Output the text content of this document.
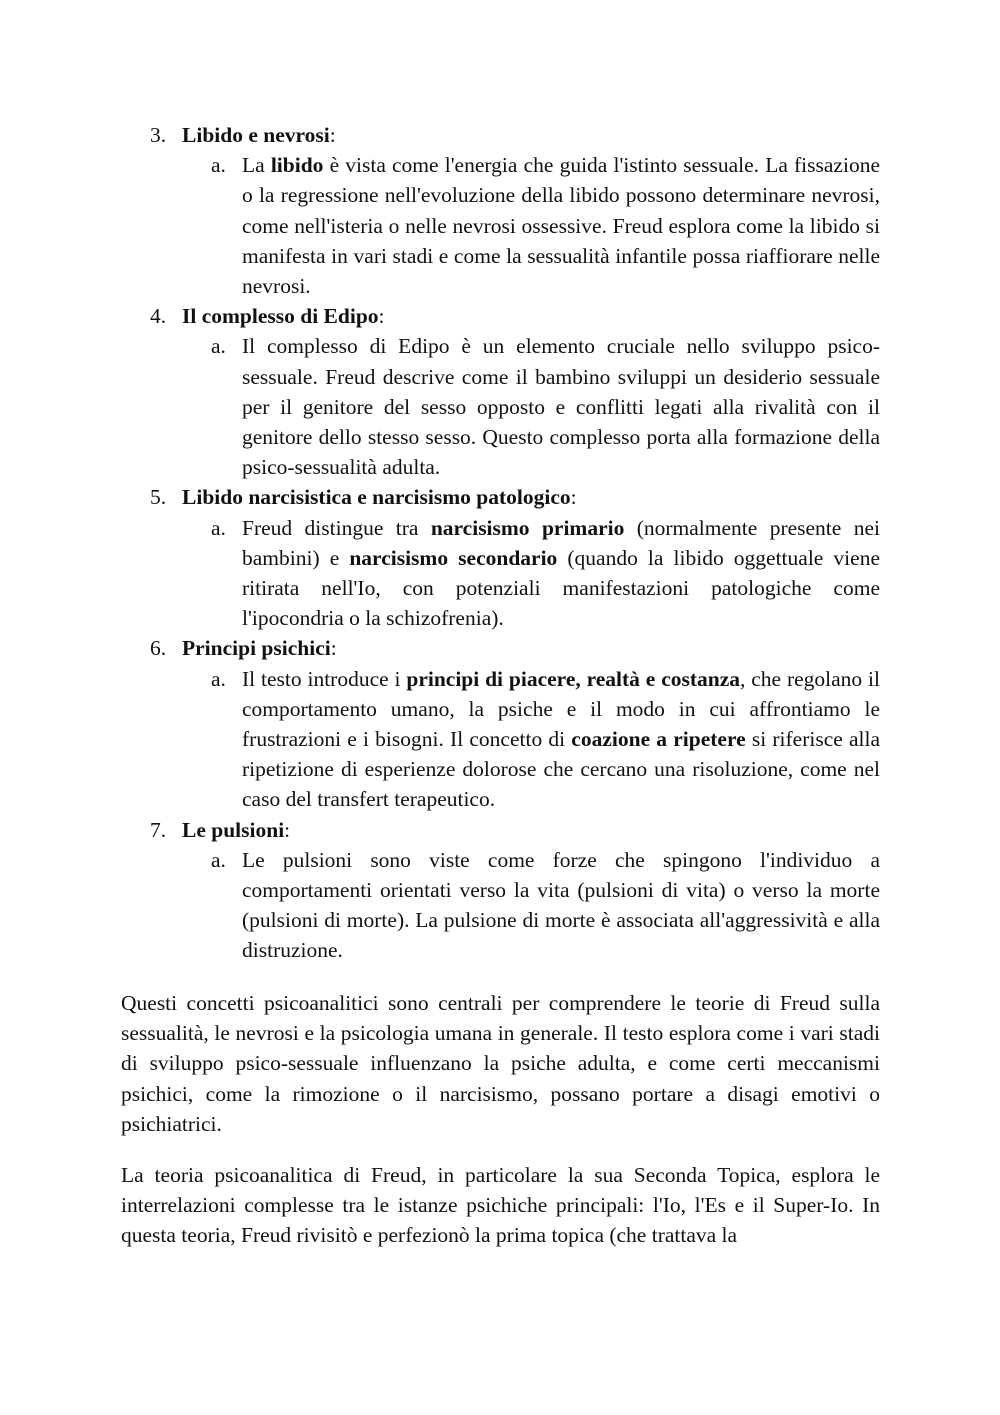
3. Libido e nevrosi:
a. La libido è vista come l'energia che guida l'istinto sessuale. La fissazione o la regressione nell'evoluzione della libido possono determinare nevrosi, come nell'isteria o nelle nevrosi ossessive. Freud esplora come la libido si manifesta in vari stadi e come la sessualità infantile possa riaffiorare nelle nevrosi.
4. Il complesso di Edipo:
a. Il complesso di Edipo è un elemento cruciale nello sviluppo psico-sessuale. Freud descrive come il bambino sviluppi un desiderio sessuale per il genitore del sesso opposto e conflitti legati alla rivalità con il genitore dello stesso sesso. Questo complesso porta alla formazione della psico-sessualità adulta.
5. Libido narcisistica e narcisismo patologico:
a. Freud distingue tra narcisismo primario (normalmente presente nei bambini) e narcisismo secondario (quando la libido oggettuale viene ritirata nell'Io, con potenziali manifestazioni patologiche come l'ipocondria o la schizofrenia).
6. Principi psichici:
a. Il testo introduce i principi di piacere, realtà e costanza, che regolano il comportamento umano, la psiche e il modo in cui affrontiamo le frustrazioni e i bisogni. Il concetto di coazione a ripetere si riferisce alla ripetizione di esperienze dolorose che cercano una risoluzione, come nel caso del transfert terapeutico.
7. Le pulsioni:
a. Le pulsioni sono viste come forze che spingono l'individuo a comportamenti orientati verso la vita (pulsioni di vita) o verso la morte (pulsioni di morte). La pulsione di morte è associata all'aggressività e alla distruzione.

Questi concetti psicoanalitici sono centrali per comprendere le teorie di Freud sulla sessualità, le nevrosi e la psicologia umana in generale. Il testo esplora come i vari stadi di sviluppo psico-sessuale influenzano la psiche adulta, e come certi meccanismi psichici, come la rimozione o il narcisismo, possano portare a disagi emotivi o psichiatrici.

La teoria psicoanalitica di Freud, in particolare la sua Seconda Topica, esplora le interrelazioni complesse tra le istanze psichiche principali: l'Io, l'Es e il Super-Io. In questa teoria, Freud rivisitò e perfezionò la prima topica (che trattava la
